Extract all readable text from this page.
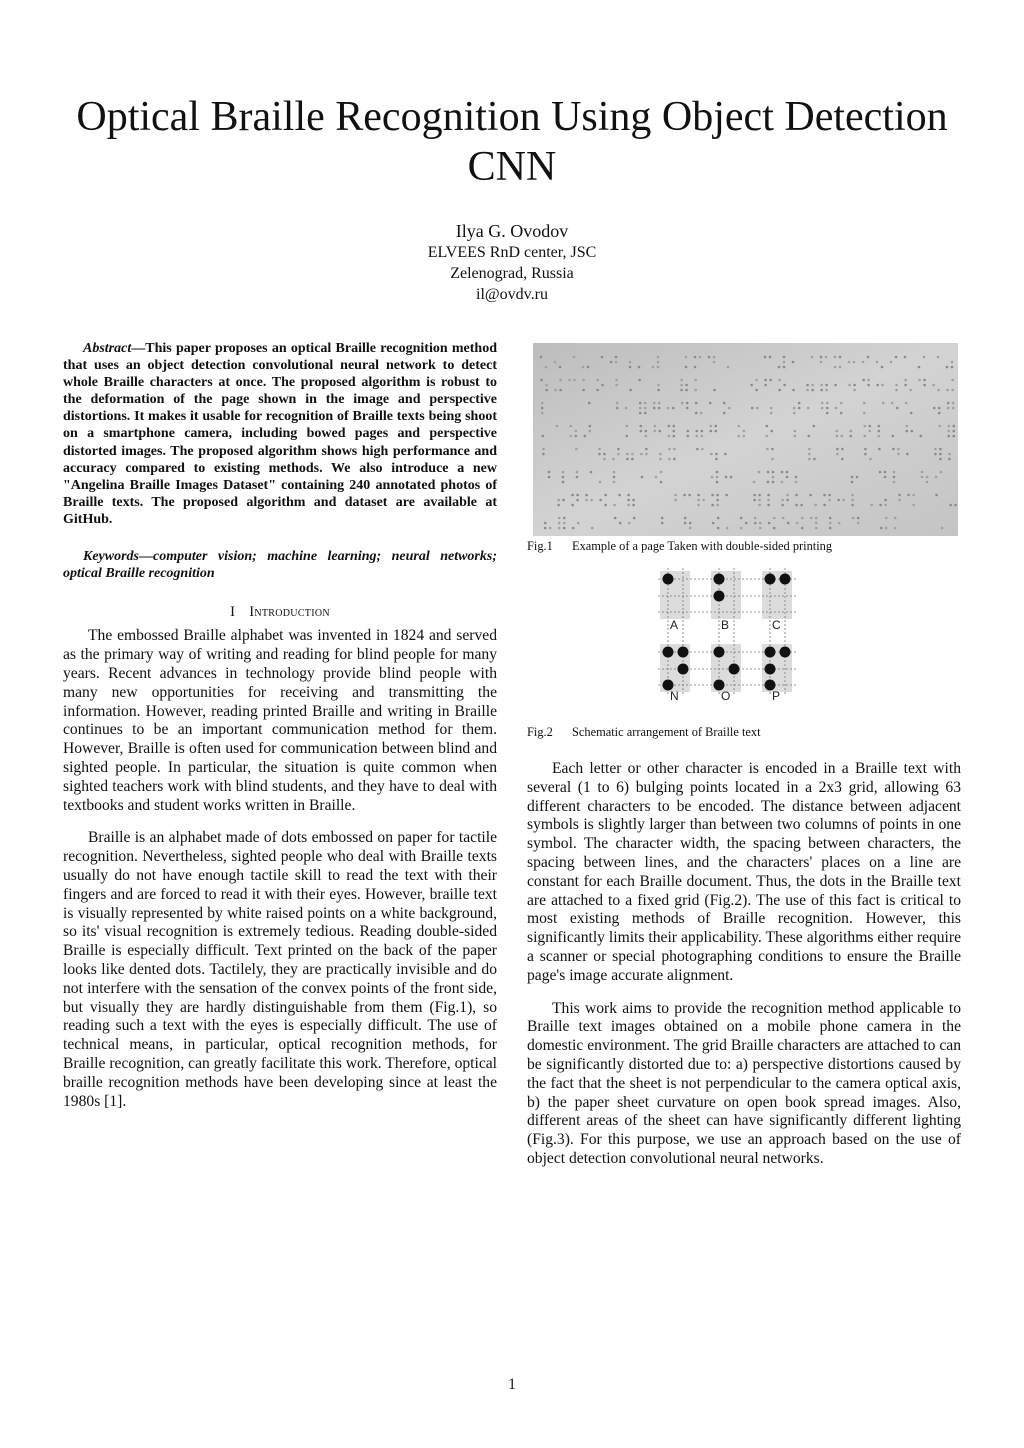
Optical Braille Recognition Using Object Detection CNN
Ilya G. Ovodov
ELVEES RnD center, JSC
Zelenograd, Russia
il@ovdv.ru

Abstract—This paper proposes an optical Braille recognition method that uses an object detection convolutional neural network to detect whole Braille characters at once. The proposed algorithm is robust to the deformation of the page shown in the image and perspective distortions. It makes it usable for recognition of Braille texts being shoot on a smartphone camera, including bowed pages and perspective distorted images. The proposed algorithm shows high performance and accuracy compared to existing methods. We also introduce a new "Angelina Braille Images Dataset" containing 240 annotated photos of Braille texts. The proposed algorithm and dataset are available at GitHub.

Keywords—computer vision; machine learning; neural networks; optical Braille recognition

I Introduction

The embossed Braille alphabet was invented in 1824 and served as the primary way of writing and reading for blind people for many years. Recent advances in technology provide blind people with many new opportunities for receiving and transmitting the information. However, reading printed Braille and writing in Braille continues to be an important communication method for them. However, Braille is often used for communication between blind and sighted people. In particular, the situation is quite common when sighted teachers work with blind students, and they have to deal with textbooks and student works written in Braille.

Braille is an alphabet made of dots embossed on paper for tactile recognition. Nevertheless, sighted people who deal with Braille texts usually do not have enough tactile skill to read the text with their fingers and are forced to read it with their eyes. However, braille text is visually represented by white raised points on a white background, so its' visual recognition is extremely tedious. Reading double-sided Braille is especially difficult. Text printed on the back of the paper looks like dented dots. Tactilely, they are practically invisible and do not interfere with the sensation of the convex points of the front side, but visually they are hardly distinguishable from them (Fig.1), so reading such a text with the eyes is especially difficult. The use of technical means, in particular, optical recognition methods, for Braille recognition, can greatly facilitate this work. Therefore, optical braille recognition methods have been developing since at least the 1980s [1].

Fig.1 Example of a page Taken with double-sided printing
A	B	C
N	O	P
Fig.2 Schematic arrangement of Braille text

Each letter or other character is encoded in a Braille text with several (1 to 6) bulging points located in a 2x3 grid, allowing 63 different characters to be encoded. The distance between adjacent symbols is slightly larger than between two columns of points in one symbol. The character width, the spacing between characters, the spacing between lines, and the characters' places on a line are constant for each Braille document. Thus, the dots in the Braille text are attached to a fixed grid (Fig.2). The use of this fact is critical to most existing methods of Braille recognition. However, this significantly limits their applicability. These algorithms either require a scanner or special photographing conditions to ensure the Braille page's image accurate alignment.

This work aims to provide the recognition method applicable to Braille text images obtained on a mobile phone camera in the domestic environment. The grid Braille characters are attached to can be significantly distorted due to: a) perspective distortions caused by the fact that the sheet is not perpendicular to the camera optical axis, b) the paper sheet curvature on open book spread images. Also, different areas of the sheet can have significantly different lighting (Fig.3). For this purpose, we use an approach based on the use of object detection convolutional neural networks.

1
